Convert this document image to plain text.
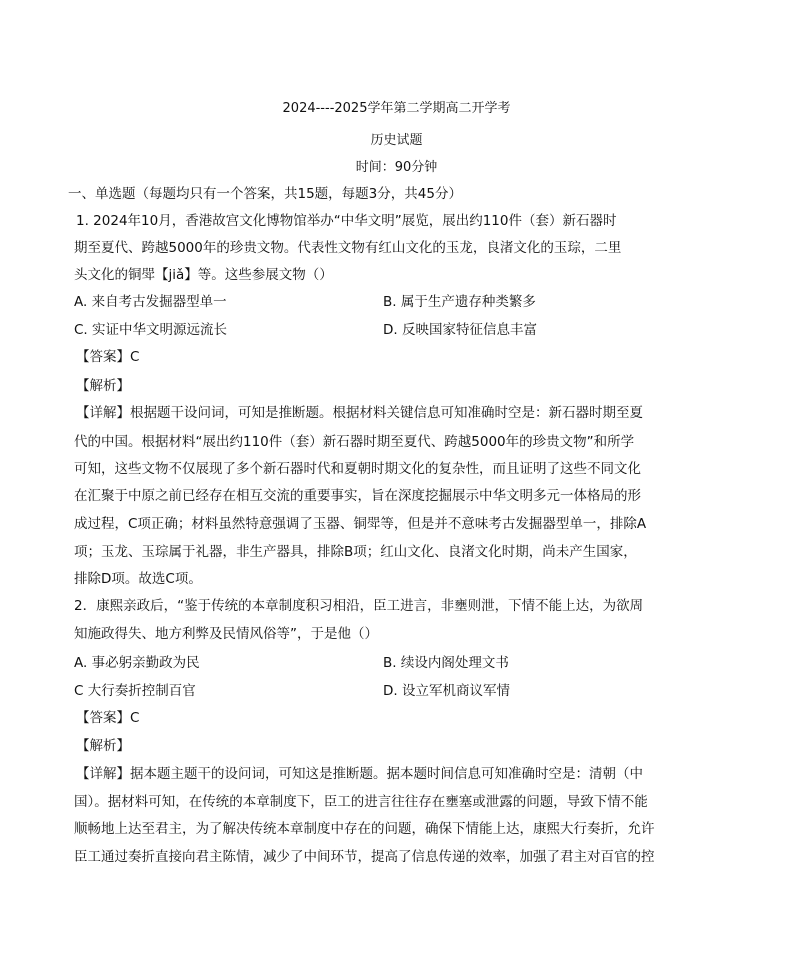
2024----2025学年第二学期高二开学考
历史试题
时间：90分钟
一、单选题（每题均只有一个答案，共15题，每题3分，共45分）
1. 2024年10月，香港故宫文化博物馆举办“中华文明”展览，展出约110件（套）新石器时
期至夏代、跨越5000年的珍贵文物。代表性文物有红山文化的玉龙，良渚文化的玉琮，二里
头文化的铜斝【jiǎ】等。这些参展文物（）
A. 来自考古发掘器型单一	B. 属于生产遗存种类繁多
C. 实证中华文明源远流长	D. 反映国家特征信息丰富
【答案】C
【解析】
【详解】根据题干设问词，可知是推断题。根据材料关键信息可知准确时空是：新石器时期至夏
代的中国。根据材料“展出约110件（套）新石器时期至夏代、跨越5000年的珍贵文物”和所学
可知，这些文物不仅展现了多个新石器时代和夏朝时期文化的复杂性，而且证明了这些不同文化
在汇聚于中原之前已经存在相互交流的重要事实，旨在深度挖掘展示中华文明多元一体格局的形
成过程，C项正确；材料虽然特意强调了玉器、铜斝等，但是并不意味考古发掘器型单一，排除A
项；玉龙、玉琮属于礼器，非生产器具，排除B项；红山文化、良渚文化时期，尚未产生国家，
排除D项。故选C项。
2．康熙亲政后，“鉴于传统的本章制度积习相沿，臣工进言，非壅则泄，下情不能上达，为欲周
知施政得失、地方利弊及民情风俗等”，于是他（）
A. 事必躬亲勤政为民	B. 续设内阁处理文书
C 大行奏折控制百官	D. 设立军机商议军情
【答案】C
【解析】
【详解】据本题主题干的设问词，可知这是推断题。据本题时间信息可知准确时空是：清朝（中
国）。据材料可知，在传统的本章制度下，臣工的进言往往存在壅塞或泄露的问题，导致下情不能
顺畅地上达至君主，为了解决传统本章制度中存在的问题，确保下情能上达，康熙大行奏折，允许
臣工通过奏折直接向君主陈情，减少了中间环节，提高了信息传递的效率，加强了君主对百官的控
